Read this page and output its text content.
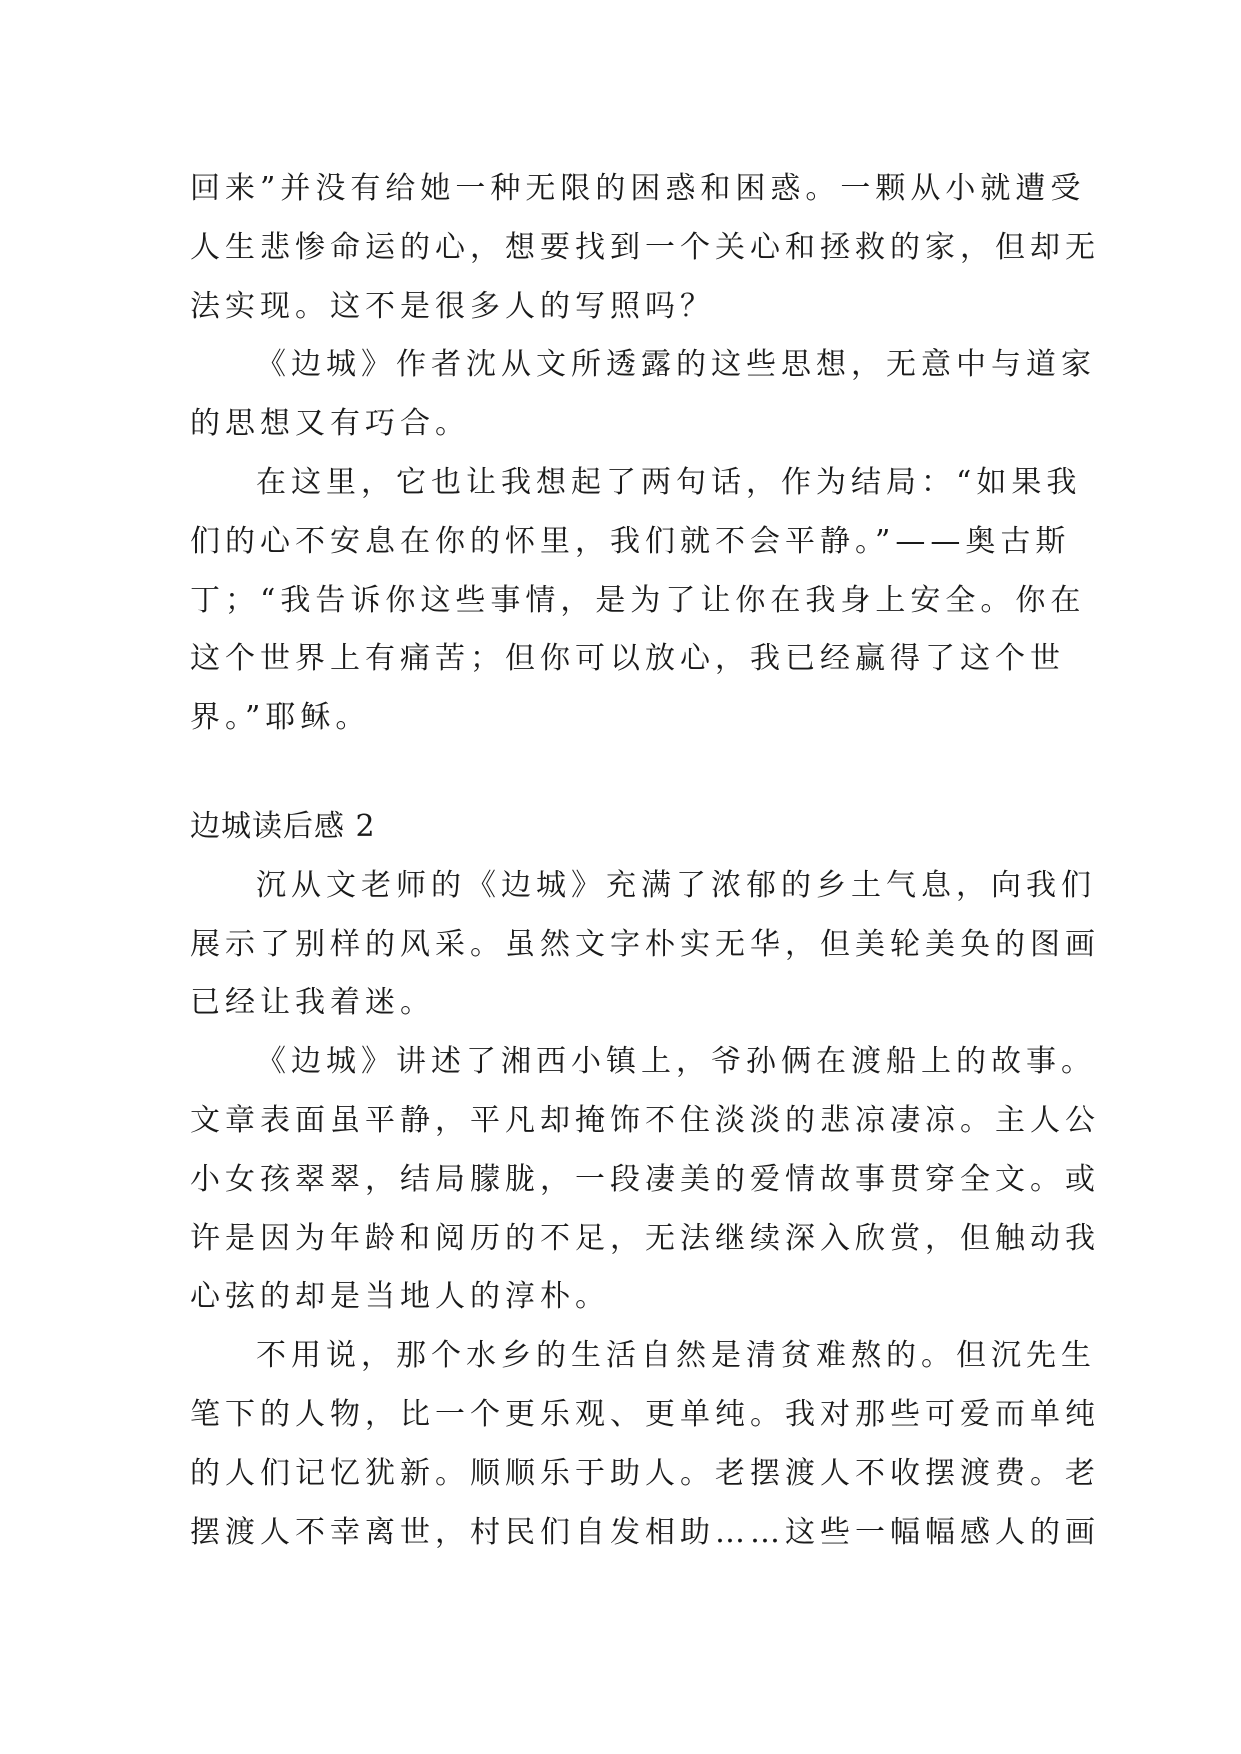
回来”并没有给她一种无限的困惑和困惑。一颗从小就遭受
人生悲惨命运的心，想要找到一个关心和拯救的家，但却无
法实现。这不是很多人的写照吗？
《边城》作者沈从文所透露的这些思想，无意中与道家
的思想又有巧合。
在这里，它也让我想起了两句话，作为结局：“如果我
们的心不安息在你的怀里，我们就不会平静。”——奥古斯
丁；“我告诉你这些事情，是为了让你在我身上安全。你在
这个世界上有痛苦；但你可以放心，我已经赢得了这个世
界。”耶稣。
边城读后感 2
沉从文老师的《边城》充满了浓郁的乡土气息，向我们
展示了别样的风采。虽然文字朴实无华，但美轮美奂的图画
已经让我着迷。
《边城》讲述了湘西小镇上，爷孙俩在渡船上的故事。
文章表面虽平静，平凡却掩饰不住淡淡的悲凉凄凉。主人公
小女孩翠翠，结局朦胧，一段凄美的爱情故事贯穿全文。或
许是因为年龄和阅历的不足，无法继续深入欣赏，但触动我
心弦的却是当地人的淳朴。
不用说，那个水乡的生活自然是清贫难熬的。但沉先生
笔下的人物，比一个更乐观、更单纯。我对那些可爱而单纯
的人们记忆犹新。顺顺乐于助人。老摆渡人不收摆渡费。老
摆渡人不幸离世，村民们自发相助……这些一幅幅感人的画
